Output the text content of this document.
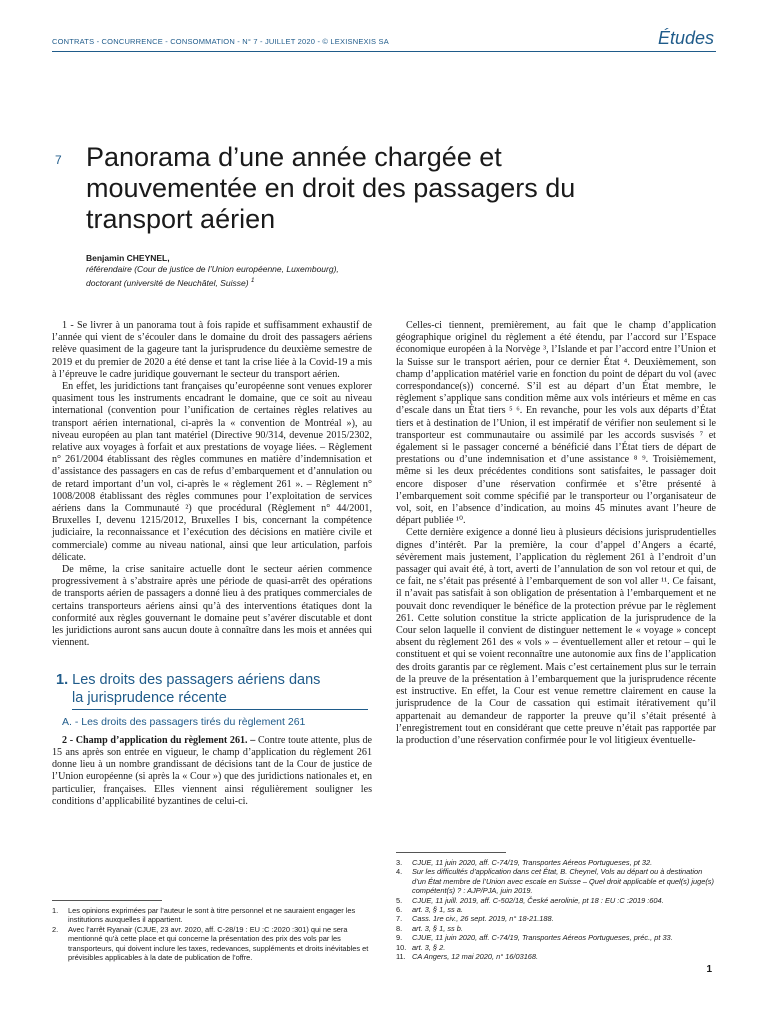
CONTRATS - CONCURRENCE - CONSOMMATION - N° 7 - JUILLET 2020 - © LEXISNEXIS SA	Études
7 Panorama d’une année chargée et mouvementée en droit des passagers du transport aérien
Benjamin CHEYNEL,
référendaire (Cour de justice de l’Union européenne, Luxembourg),
doctorant (université de Neuchâtel, Suisse) $^1$

1 - Se livrer à un panorama tout à fois rapide et suffisamment exhaustif de l’année qui vient de s’écouler dans le domaine du droit des passagers aériens relève quasiment de la gageure tant la jurisprudence du deuxième semestre de 2019 et du premier de 2020 a été dense et tant la crise liée à la Covid-19 a mis à l’épreuve le cadre juridique gouvernant le secteur du transport aérien.

En effet, les juridictions tant françaises qu’européenne sont venues explorer quasiment tous les instruments encadrant le domaine, que ce soit au niveau international (convention pour l’unification de certaines règles relatives au transport aérien international, ci-après la « convention de Montréal »), au niveau européen au plan tant matériel (Directive 90/314, devenue 2015/2302, relative aux voyages à forfait et aux prestations de voyage liées. – Règlement n° 261/2004 établissant des règles communes en matière d’indemnisation et d’assistance des passagers en cas de refus d’embarquement et d’annulation ou de retard important d’un vol, ci-après le « règlement 261 ». – Règlement n° 1008/2008 établissant des règles communes pour l’exploitation de services aériens dans la Communauté ²) que procédural (Règlement n° 44/2001, Bruxelles I, devenu 1215/2012, Bruxelles I bis, concernant la compétence judiciaire, la reconnaissance et l’exécution des décisions en matière civile et commerciale) comme au niveau national, ainsi que leur articulation, parfois délicate.

De même, la crise sanitaire actuelle dont le secteur aérien commence progressivement à s’abstraire après une période de quasi-arrêt des opérations de transports aérien de passagers a donné lieu à des pratiques commerciales de certains transporteurs aériens ainsi qu’à des interventions étatiques dont la conformité aux règles gouvernant le domaine peut s’avérer discutable et dont les juridictions auront sans aucun doute à connaître dans les mois et années qui viennent.

1. Les droits des passagers aériens dans
la jurisprudence récente
A. - Les droits des passagers tirés du règlement 261

2 - Champ d’application du règlement 261. – Contre toute attente, plus de 15 ans après son entrée en vigueur, le champ d’application du règlement 261 donne lieu à un nombre grandissant de décisions tant de la Cour de justice de l’Union européenne (si après la « Cour ») que des juridictions nationales et, en particulier, françaises. Elles viennent ainsi régulièrement souligner les conditions d’applicabilité byzantines de celui-ci.

Celles-ci tiennent, premièrement, au fait que le champ d’application géographique originel du règlement a été étendu, par l’accord sur l’Espace économique européen à la Norvège ³, l’Islande et par l’accord entre l’Union et la Suisse sur le transport aérien, pour ce dernier État ⁴. Deuxièmement, son champ d’application matériel varie en fonction du point de départ du vol (avec correspondance(s)) concerné. S’il est au départ d’un État membre, le règlement s’applique sans condition même aux vols intérieurs et même en cas d’escale dans un État tiers ⁵ ⁶. En revanche, pour les vols aux départs d’État tiers et à destination de l’Union, il est impératif de vérifier non seulement si le transporteur est communautaire ou assimilé par les accords susvisés ⁷ et également si le passager concerné a bénéficié dans l’État tiers de départ de prestations ou d’une indemnisation et d’une assistance ⁸ ⁹. Troisièmement, même si les deux précédentes conditions sont satisfaites, le passager doit encore disposer d’une réservation confirmée et s’être présenté à l’embarquement soit comme spécifié par le transporteur ou l’organisateur de vol, soit, en l’absence d’indication, au moins 45 minutes avant l’heure de départ publiée ¹⁰.

Cette dernière exigence a donné lieu à plusieurs décisions jurisprudentielles dignes d’intérêt. Par la première, la cour d’appel d’Angers a écarté, sévèrement mais justement, l’application du règlement 261 à l’endroit d’un passager qui avait été, à tort, averti de l’annulation de son vol retour et qui, de ce fait, ne s’était pas présenté à l’embarquement de son vol aller ¹¹. Ce faisant, il n’avait pas satisfait à son obligation de présentation à l’embarquement et ne pouvait donc revendiquer le bénéfice de la protection prévue par le règlement 261. Cette solution constitue la stricte application de la jurisprudence de la Cour selon laquelle il convient de distinguer nettement le « voyage » concept absent du règlement 261 des « vols » – éventuellement aller et retour – qui le constituent et qui se voient reconnaître une autonomie aux fins de l’application des droits garantis par ce règlement. Mais c’est certainement plus sur le terrain de la preuve de la présentation à l’embarquement que la jurisprudence récente est instructive. En effet, la Cour est venue remettre clairement en cause la jurisprudence de la Cour de cassation qui estimait itérativement qu’il appartenait au demandeur de rapporter la preuve qu’il s’était présenté à l’enregistrement tout en considérant que cette preuve n’était pas rapportée par la production d’une réservation confirmée pour le vol litigieux éventuelle-

1.	Les opinions exprimées par l’auteur le sont à titre personnel et ne sauraient engager les institutions auxquelles il appartient.
2.	Avec l’arrêt Ryanair (CJUE, 23 avr. 2020, aff. C-28/19 : EU :C :2020 :301) qui ne sera mentionné qu’à cette place et qui concerne la présentation des prix des vols par les transporteurs, qui doivent inclure les taxes, redevances, suppléments et droits inévitables et prévisibles applicables à la date de publication de l’offre.
3.	CJUE, 11 juin 2020, aff. C-74/19, Transportes Aéreos Portugueses, pt 32.
4.	Sur les difficultés d’application dans cet État, B. Cheynel, Vols au départ ou à destination d’un État membre de l’Union avec escale en Suisse – Quel droit applicable et quel(s) juge(s) compétent(s) ? : AJP/PJA, juin 2019.
5.	CJUE, 11 juill. 2019, aff. C-502/18, České aerolinie, pt 18 : EU :C :2019 :604.
6.	art. 3, § 1, ss a.
7.	Cass. 1re civ., 26 sept. 2019, n° 18-21.188.
8.	art. 3, § 1, ss b.
9.	CJUE, 11 juin 2020, aff. C-74/19, Transportes Aéreos Portugueses, préc., pt 33.
10. art. 3, § 2.
11. CA Angers, 12 mai 2020, n° 16/03168.
1
